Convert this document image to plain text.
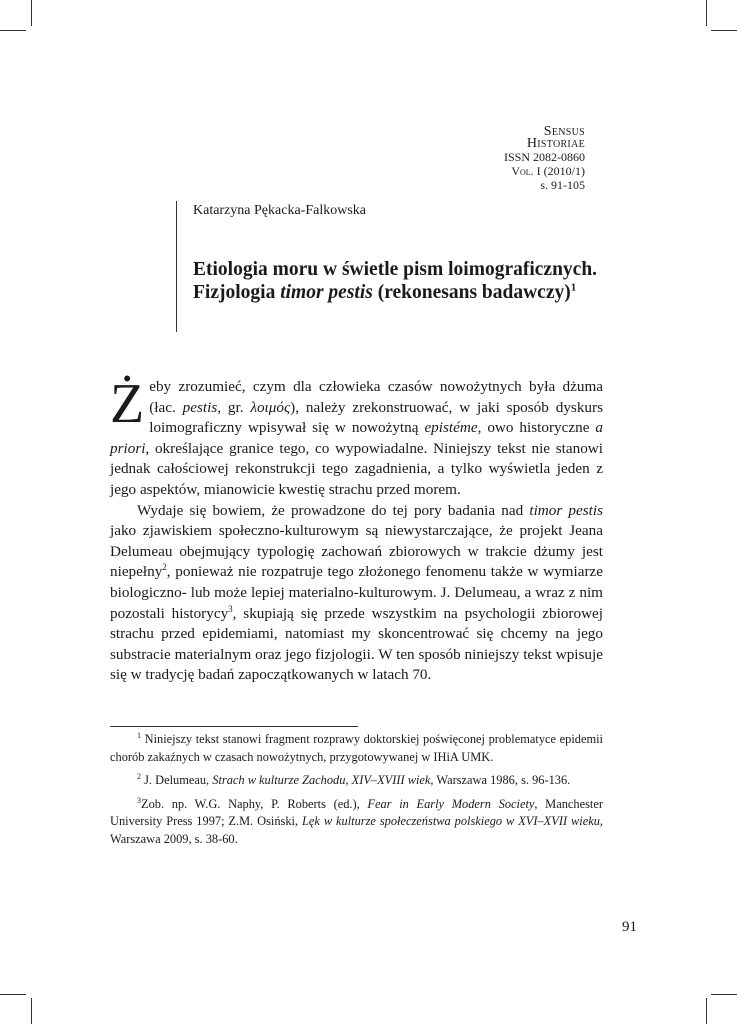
Sensus
Historiae
ISSN 2082-0860
Vol. I (2010/1)
s. 91-105
Katarzyna Pękacka-Falkowska
Etiologia moru w świetle pism loimograficznych. Fizjologia timor pestis (rekonesans badawczy)$^1$

Żeby zrozumieć, czym dla człowieka czasów nowożytnych była dżuma (łac. pestis, gr. λοιμός), należy zrekonstruować, w jaki sposób dyskurs loimograficzny wpisywał się w nowożytną epistéme, owo historyczne a priori, określające granice tego, co wypowiadalne. Niniejszy tekst nie stanowi jednak całościowej rekonstrukcji tego zagadnienia, a tylko wyświetla jeden z jego aspektów, mianowicie kwestię strachu przed morem.

Wydaje się bowiem, że prowadzone do tej pory badania nad timor pestis jako zjawiskiem społeczno-kulturowym są niewystarczające, że projekt Jeana Delumeau obejmujący typologię zachowań zbiorowych w trakcie dżumy jest niepełny$^2$, ponieważ nie rozpatruje tego złożonego fenomenu także w wymiarze biologiczno- lub może lepiej materialno-kulturowym. J. Delumeau, a wraz z nim pozostali historycy$^3$, skupiają się przede wszystkim na psychologii zbiorowej strachu przed epidemiami, natomiast my skoncentrować się chcemy na jego substracie materialnym oraz jego fizjologii. W ten sposób niniejszy tekst wpisuje się w tradycję badań zapoczątkowanych w latach 70.

$^1$ Niniejszy tekst stanowi fragment rozprawy doktorskiej poświęconej problematyce epidemii chorób zakaźnych w czasach nowożytnych, przygotowywanej w IHiA UMK.

$^2$ J. Delumeau, Strach w kulturze Zachodu, XIV–XVIII wiek, Warszawa 1986, s. 96-136.

$^3$Zob. np. W.G. Naphy, P. Roberts (ed.), Fear in Early Modern Society, Manchester University Press 1997; Z.M. Osiński, Lęk w kulturze społeczeństwa polskiego w XVI–XVII wieku, Warszawa 2009, s. 38-60.

91
